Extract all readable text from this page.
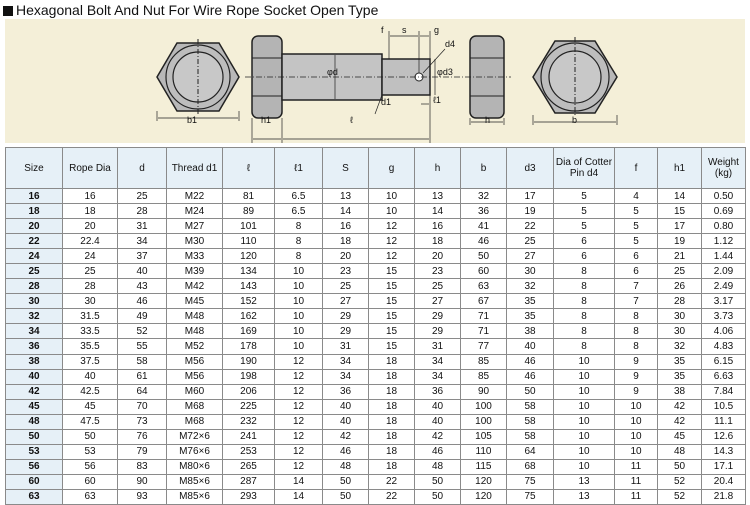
Hexagonal Bolt And Nut For Wire Rope Socket Open Type
f s	g
d4
φd	φd3
d1	ℓ1
b1	h1	ℓ	h	b
Size	Rope Dia	d	Thread d1	ℓ	ℓ1	S	g	h	b	d3	Dia of Cotter Pin d4	f	h1	Weight (kg)
16	16	25	M22	81	6.5	13	10	13	32	17	5	4	14	0.50
18	18	28	M24	89	6.5	14	10	14	36	19	5	5	15	0.69
20	20	31	M27	101	8	16	12	16	41	22	5	5	17	0.80
22	22.4	34	M30	110	8	18	12	18	46	25	6	5	19	1.12
24	24	37	M33	120	8	20	12	20	50	27	6	6	21	1.44
25	25	40	M39	134	10	23	15	23	60	30	8	6	25	2.09
28	28	43	M42	143	10	25	15	25	63	32	8	7	26	2.49
30	30	46	M45	152	10	27	15	27	67	35	8	7	28	3.17
32	31.5	49	M48	162	10	29	15	29	71	35	8	8	30	3.73
34	33.5	52	M48	169	10	29	15	29	71	38	8	8	30	4.06
36	35.5	55	M52	178	10	31	15	31	77	40	8	8	32	4.83
38	37.5	58	M56	190	12	34	18	34	85	46	10	9	35	6.15
40	40	61	M56	198	12	34	18	34	85	46	10	9	35	6.63
42	42.5	64	M60	206	12	36	18	36	90	50	10	9	38	7.84
45	45	70	M68	225	12	40	18	40	100	58	10	10	42	10.5
48	47.5	73	M68	232	12	40	18	40	100	58	10	10	42	11.1
50	50	76	M72×6	241	12	42	18	42	105	58	10	10	45	12.6
53	53	79	M76×6	253	12	46	18	46	110	64	10	10	48	14.3
56	56	83	M80×6	265	12	48	18	48	115	68	10	11	50	17.1
60	60	90	M85×6	287	14	50	22	50	120	75	13	11	52	20.4
63	63	93	M85×6	293	14	50	22	50	120	75	13	11	52	21.8
